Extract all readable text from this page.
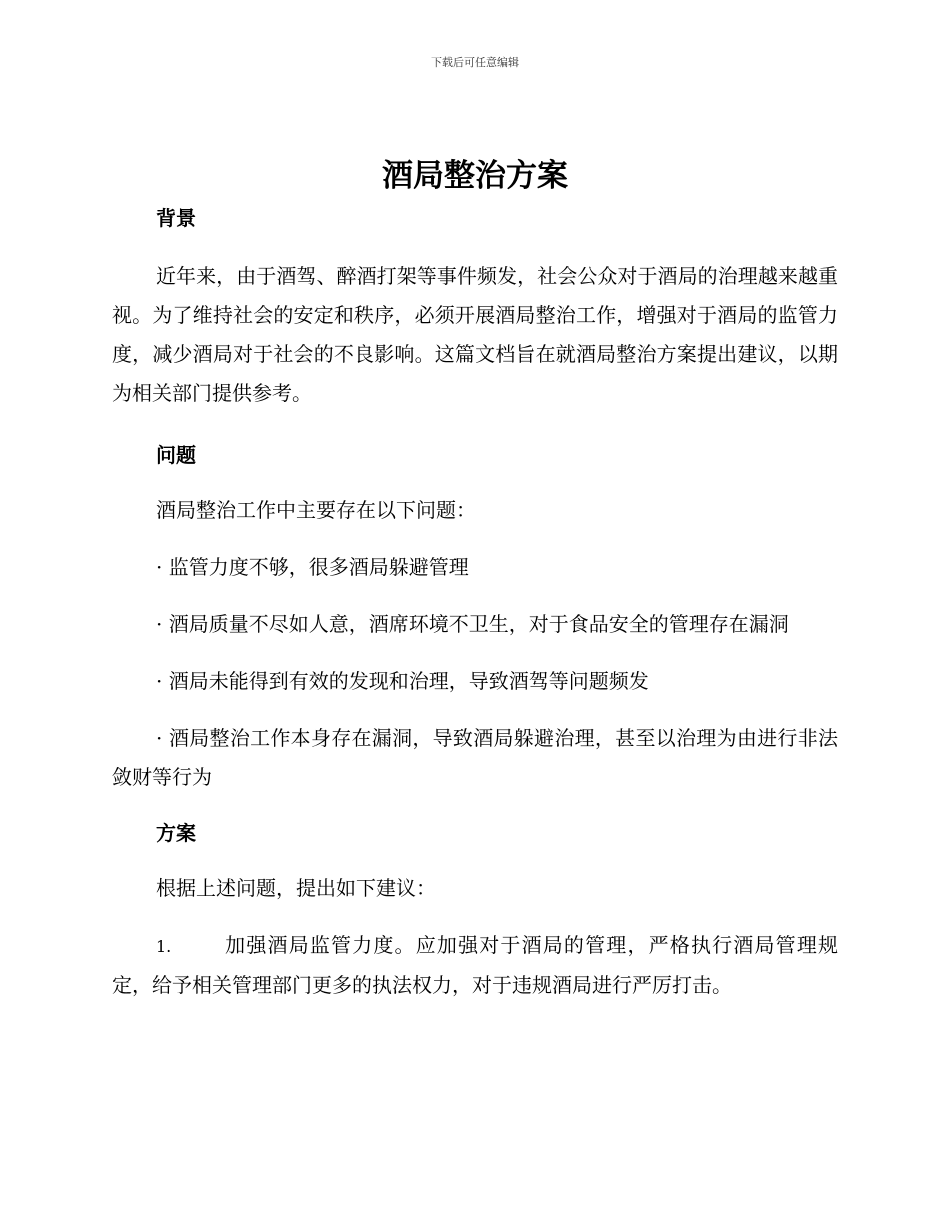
下载后可任意编辑
酒局整治方案
背景

近年来，由于酒驾、醉酒打架等事件频发，社会公众对于酒局的治理越来越重视。为了维持社会的安定和秩序，必须开展酒局整治工作，增强对于酒局的监管力度，减少酒局对于社会的不良影响。这篇文档旨在就酒局整治方案提出建议，以期为相关部门提供参考。

问题

酒局整治工作中主要存在以下问题：

· 监管力度不够，很多酒局躲避管理

· 酒局质量不尽如人意，酒席环境不卫生，对于食品安全的管理存在漏洞

· 酒局未能得到有效的发现和治理，导致酒驾等问题频发

· 酒局整治工作本身存在漏洞，导致酒局躲避治理，甚至以治理为由进行非法敛财等行为

方案

根据上述问题，提出如下建议：

1.	加强酒局监管力度。应加强对于酒局的管理，严格执行酒局管理规定，给予相关管理部门更多的执法权力，对于违规酒局进行严厉打击。
